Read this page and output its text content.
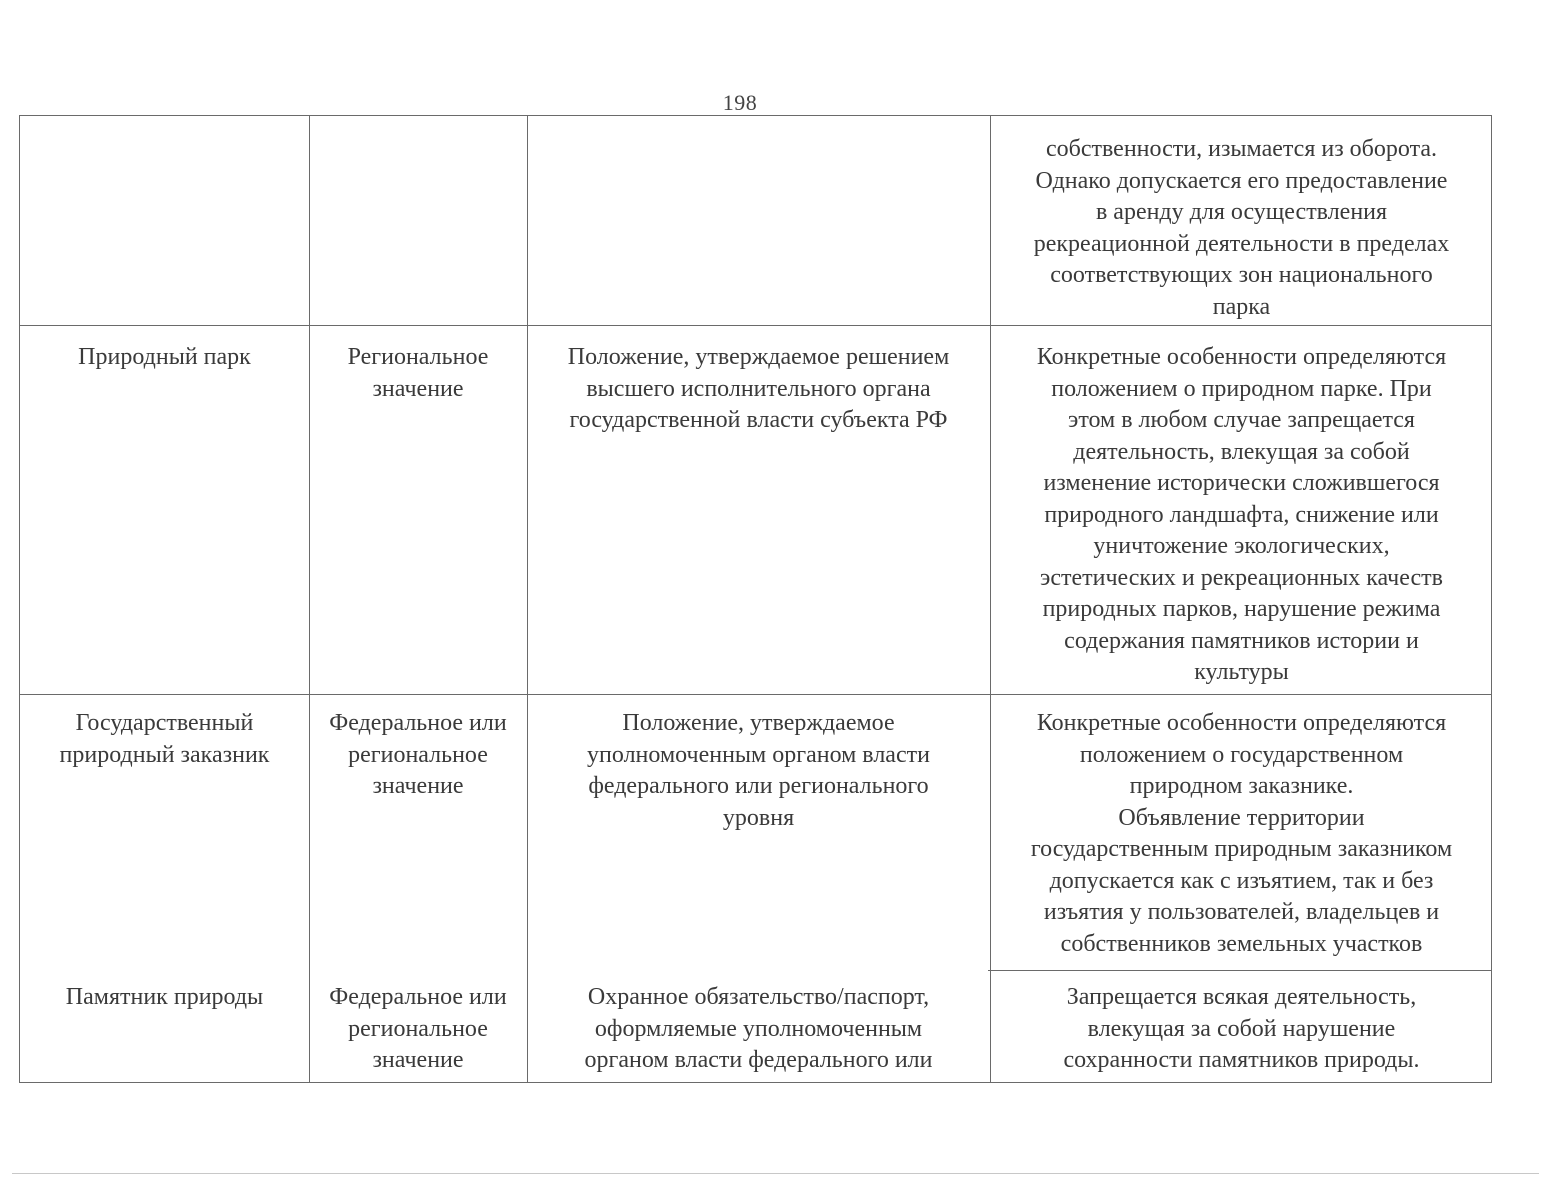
198
собственности, изымается из оборота.
Однако допускается его предоставление
в аренду для осуществления
рекреационной деятельности в пределах
соответствующих зон национального
парка
Природный парк	Региональное
значение
Положение, утверждаемое решением
высшего исполнительного органа
государственной власти субъекта РФ
Конкретные особенности определяются
положением о природном парке. При
этом в любом случае запрещается
деятельность, влекущая за собой
изменение исторически сложившегося
природного ландшафта, снижение или
уничтожение экологических,
эстетических и рекреационных качеств
природных парков, нарушение режима
содержания памятников истории и
культуры
Государственный
природный заказник
Федеральное или
региональное
значение
Положение, утверждаемое
уполномоченным органом власти
федерального или регионального
уровня
Конкретные особенности определяются
положением о государственном
природном заказнике.
Объявление территории
государственным природным заказником
допускается как с изъятием, так и без
изъятия у пользователей, владельцев и
собственников земельных участков
Памятник природы	Федеральное или
региональное
значение
Охранное обязательство/паспорт,
оформляемые уполномоченным
органом власти федерального или
Запрещается всякая деятельность,
влекущая за собой нарушение
сохранности памятников природы.
